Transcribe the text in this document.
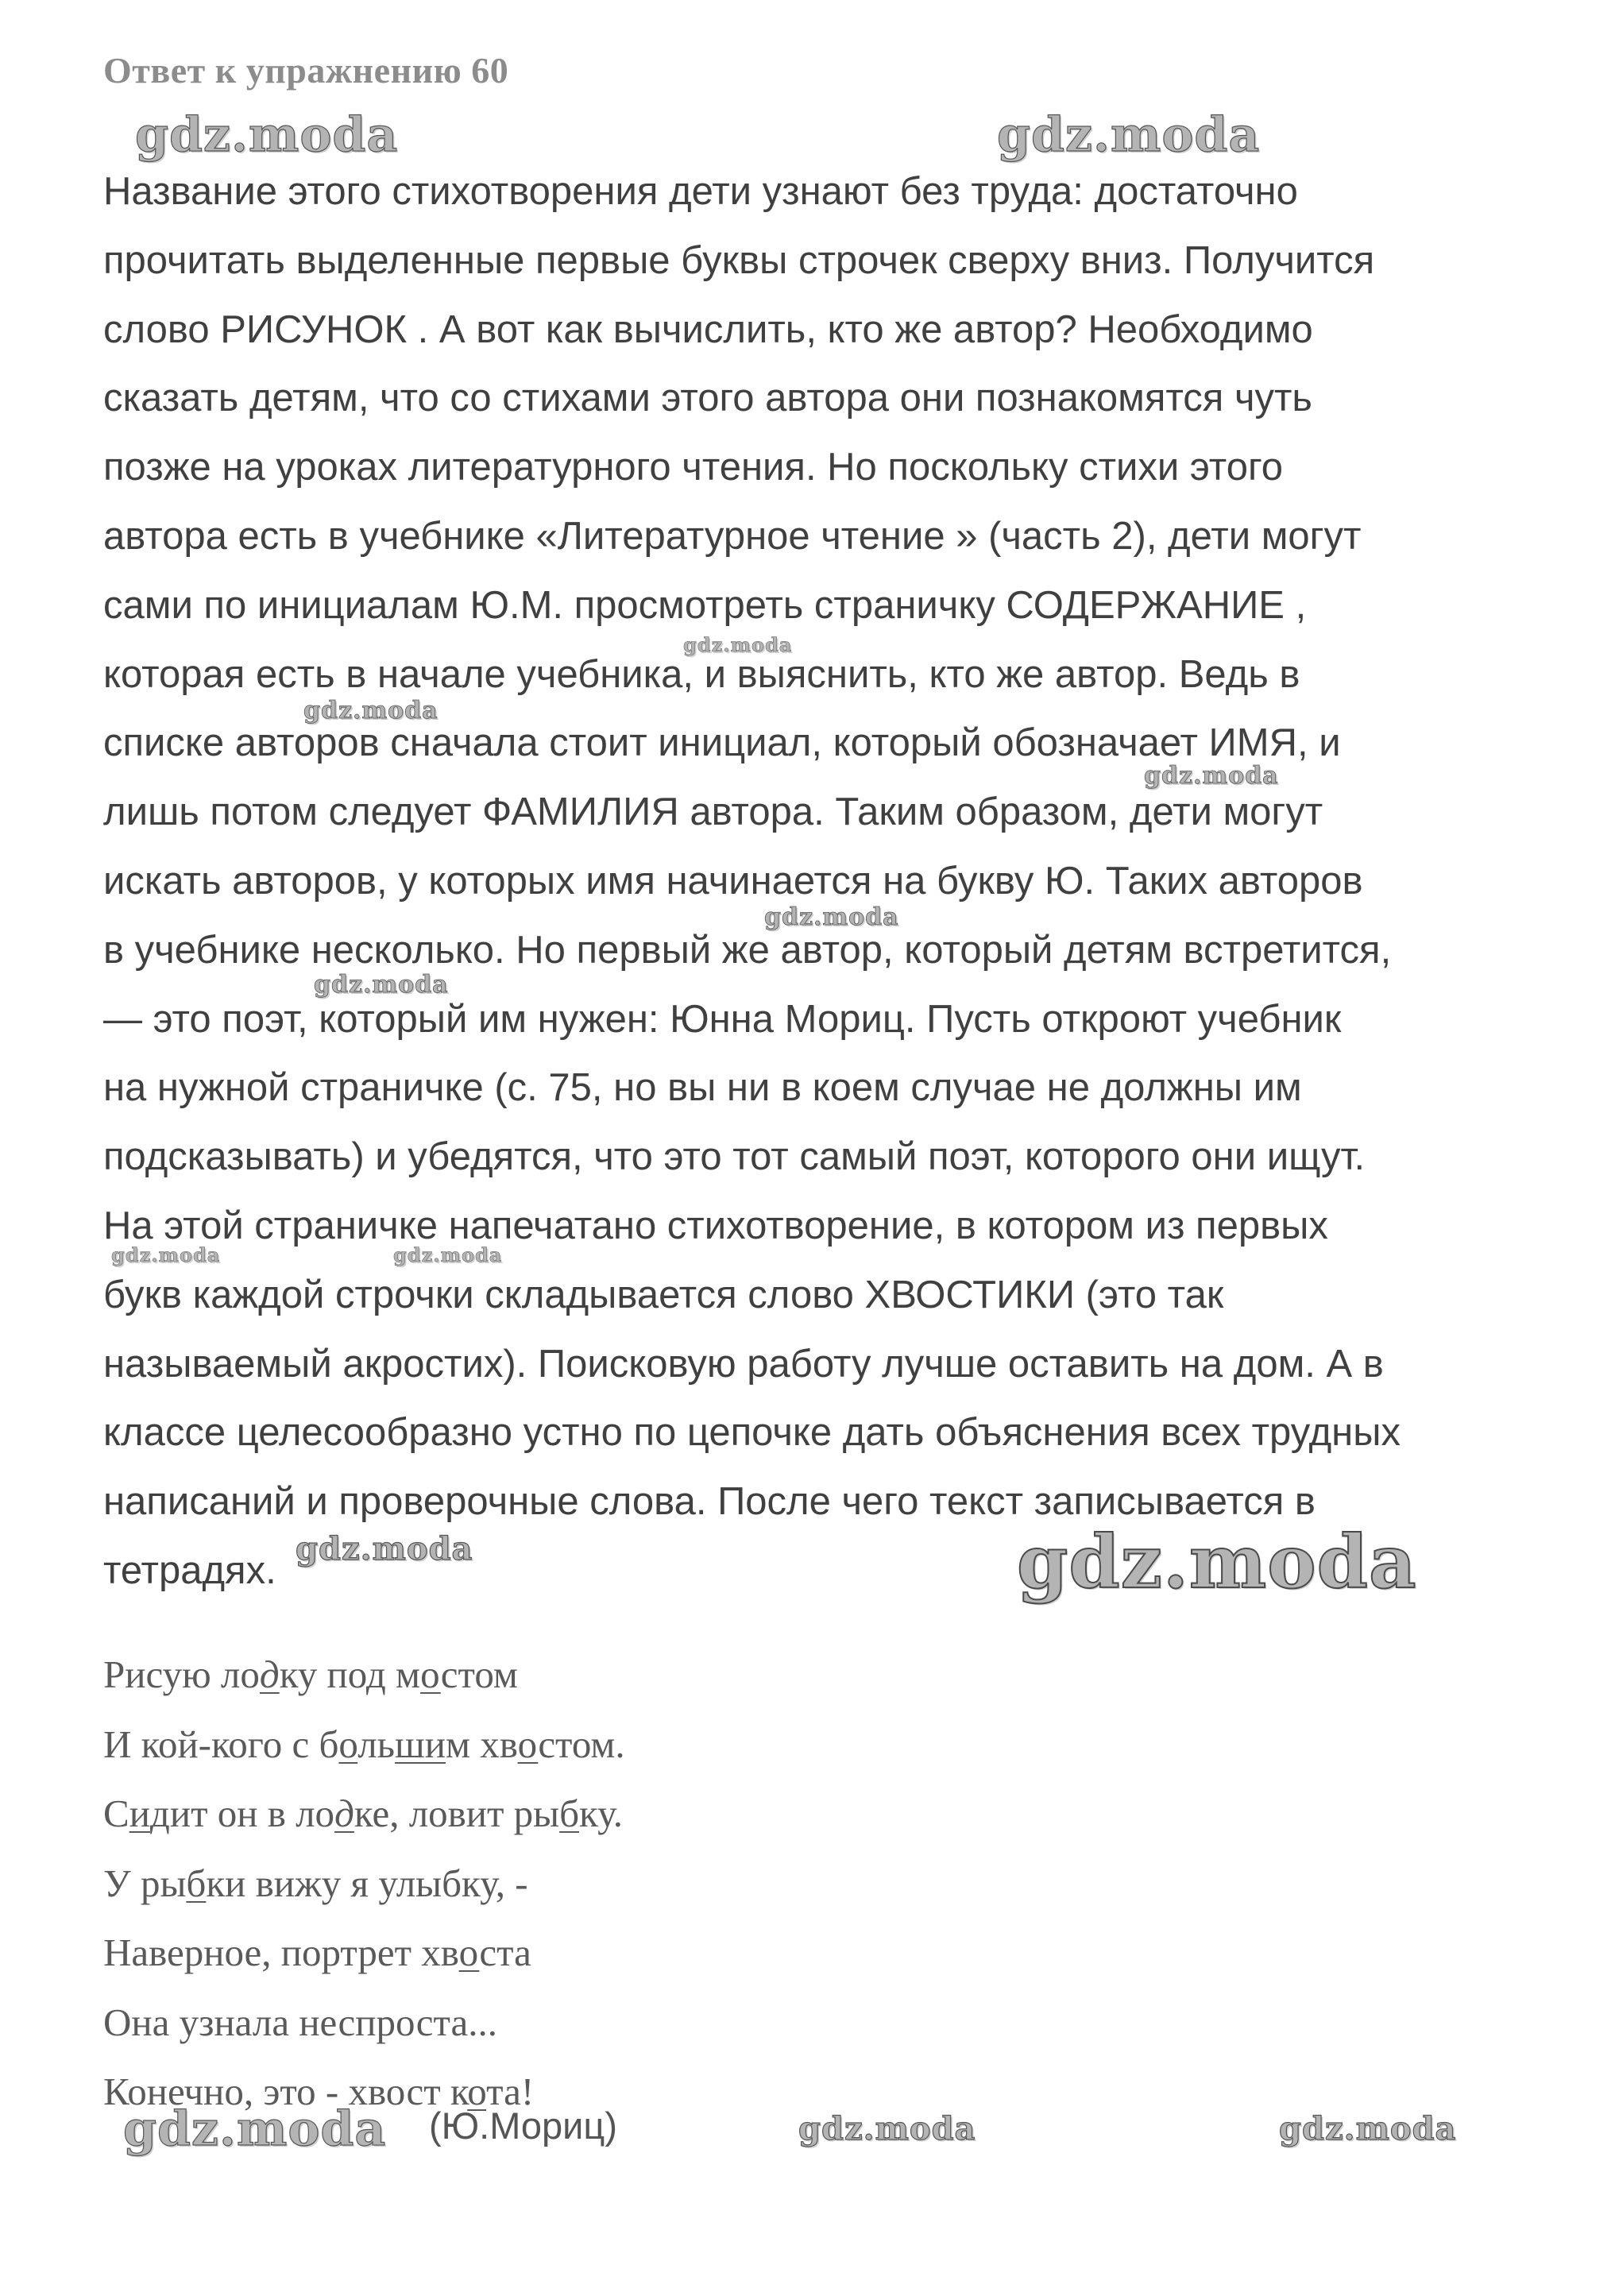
Ответ к упражнению 60
Название этого стихотворения дети узнают без труда: достаточно
прочитать выделенные первые буквы строчек сверху вниз. Получится
слово РИСУНОК . А вот как вычислить, кто же автор? Необходимо
сказать детям, что со стихами этого автора они познакомятся чуть
позже на уроках литературного чтения. Но поскольку стихи этого
автора есть в учебнике «Литературное чтение » (часть 2), дети могут
сами по инициалам Ю.М. просмотреть страничку СОДЕРЖАНИЕ ,
которая есть в начале учебника, и выяснить, кто же автор. Ведь в
списке авторов сначала стоит инициал, который обозначает ИМЯ, и
лишь потом следует ФАМИЛИЯ автора. Таким образом, дети могут
искать авторов, у которых имя начинается на букву Ю. Таких авторов
в учебнике несколько. Но первый же автор, который детям встретится,
— это поэт, который им нужен: Юнна Мориц. Пусть откроют учебник
на нужной страничке (с. 75, но вы ни в коем случае не должны им
подсказывать) и убедятся, что это тот самый поэт, которого они ищут.
На этой страничке напечатано стихотворение, в котором из первых
букв каждой строчки складывается слово ХВОСТИКИ (это так
называемый акростих). Поисковую работу лучше оставить на дом. А в
классе целесообразно устно по цепочке дать объяснения всех трудных
написаний и проверочные слова. После чего текст записывается в
тетрадях.
Рисую лодку под мостом
И кой-кого с большим хвостом.
Сидит он в лодке, ловит рыбку.
У рыбки вижу я улыбку, -
Наверное, портрет хвоста
Она узнала неспроста...
Конечно, это - хвост кота!
(Ю.Мориц)
gdz.moda	gdz.moda
gdz.moda
gdz.moda
gdz.moda
gdz.moda
gdz.moda
gdz.moda	gdz.moda
gdz.moda	gdz.moda
gdz.moda	gdz.moda	gdz.moda
